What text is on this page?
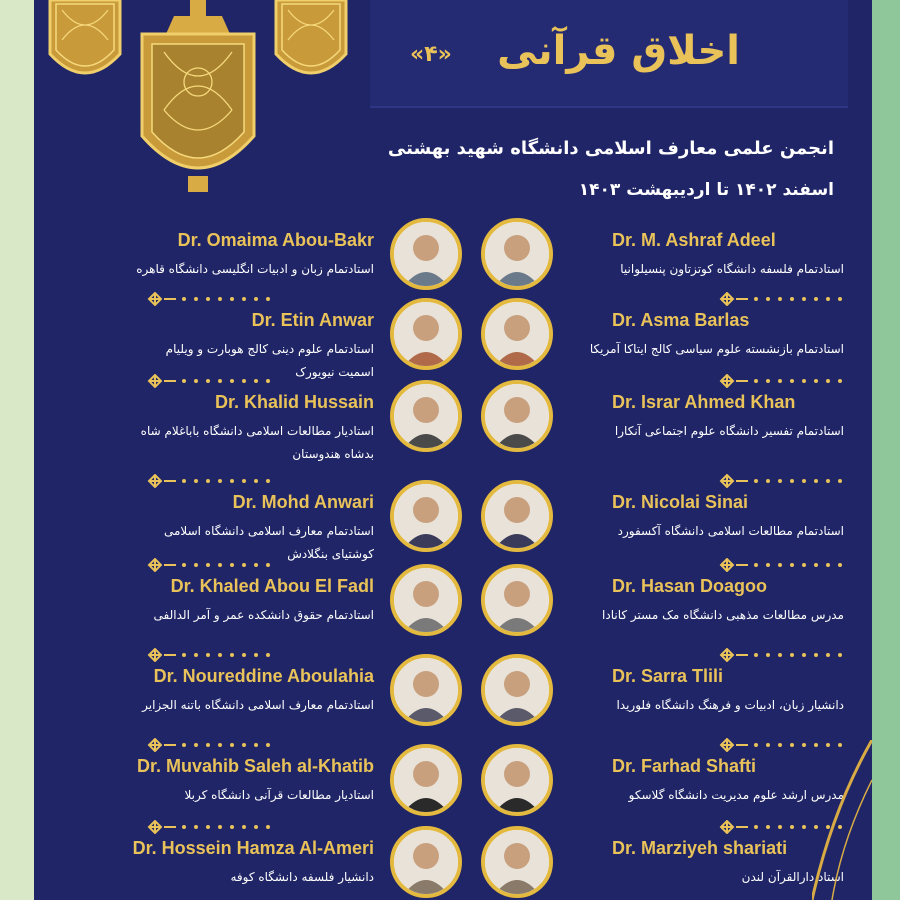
اخلاق قرآنی
«۴»
انجمن علمی معارف اسلامی دانشگاه شهید بهشتی
اسفند ۱۴۰۲ تا اردیبهشت ۱۴۰۳
Dr. Omaima Abou-Bakr
استادتمام زبان و ادبیات انگلیسی دانشگاه قاهره
Dr. Etin Anwar
استادتمام علوم دینی کالج هوبارت و ویلیام
اسمیت نیویورک
Dr. Khalid Hussain
استادیار مطالعات اسلامی دانشگاه باباغلام شاه
بدشاه هندوستان
Dr. Mohd Anwari
استادتمام معارف اسلامی دانشگاه اسلامی
کوشتیای بنگلادش
Dr. Khaled Abou El Fadl
استادتمام حقوق دانشکده عمر و آمر الدالفی
Dr. Noureddine Aboulahia
استادتمام معارف اسلامی دانشگاه باتنه الجزایر
Dr. Muvahib Saleh al-Khatib
استادیار مطالعات قرآنی دانشگاه کربلا
Dr. Hossein Hamza Al-Ameri
دانشیار فلسفه دانشگاه کوفه
Dr. M. Ashraf Adeel
استادتمام فلسفه دانشگاه کوتزتاون پنسیلوانیا
Dr. Asma Barlas
استادتمام بازنشسته علوم سیاسی کالج ایتاکا آمریکا
Dr. Israr Ahmed Khan
استادتمام تفسیر دانشگاه علوم اجتماعی آنکارا
Dr. Nicolai Sinai
استادتمام مطالعات اسلامی دانشگاه آکسفورد
Dr. Hasan Doagoo
مدرس مطالعات مذهبی دانشگاه مک مستر کانادا
Dr. Sarra Tlili
دانشیار زبان، ادبیات و فرهنگ دانشگاه فلوریدا
Dr. Farhad Shafti
مدرس ارشد علوم مدیریت دانشگاه گلاسکو
Dr. Marziyeh shariati
استاد دارالقرآن لندن
